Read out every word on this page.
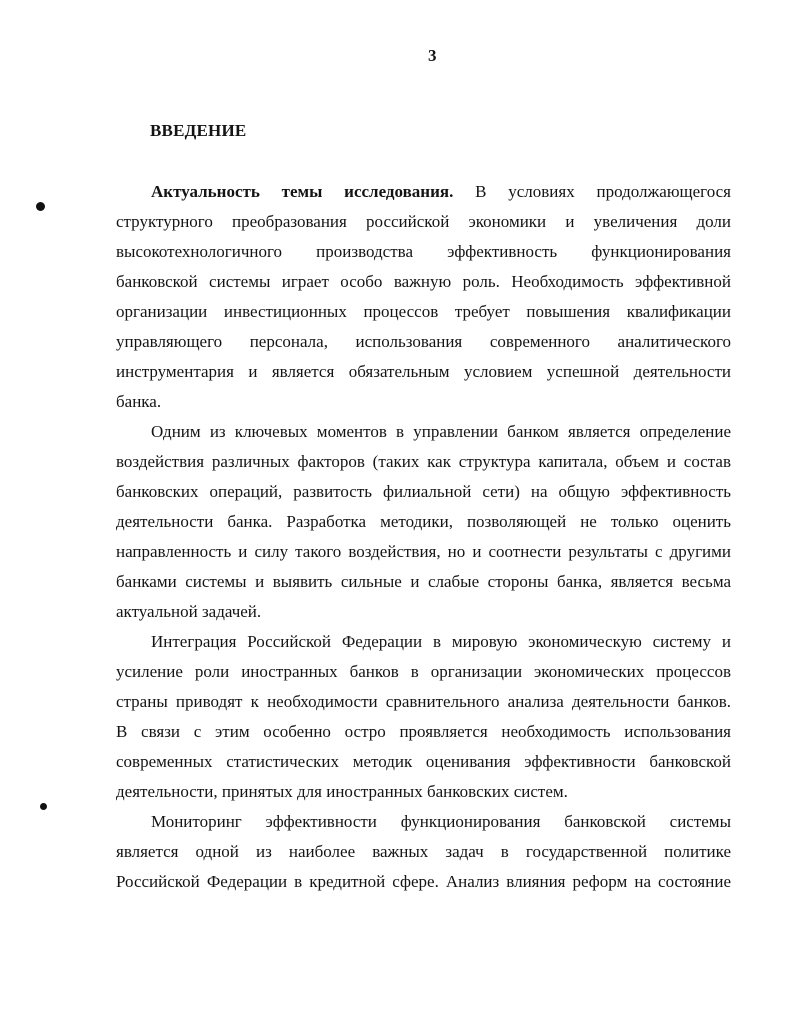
3
ВВЕДЕНИЕ
Актуальность темы исследования. В условиях продолжающегося
структурного преобразования российской экономики и увеличения доли
высокотехнологичного производства эффективность функционирования
банковской системы играет особо важную роль. Необходимость эффективной
организации инвестиционных процессов требует повышения квалификации
управляющего персонала, использования современного аналитического
инструментария и является обязательным условием успешной деятельности
банка.
Одним из ключевых моментов в управлении банком является определение
воздействия различных факторов (таких как структура капитала, объем и состав
банковских операций, развитость филиальной сети) на общую эффективность
деятельности банка. Разработка методики, позволяющей не только оценить
направленность и силу такого воздействия, но и соотнести результаты с другими
банками системы и выявить сильные и слабые стороны банка, является весьма
актуальной задачей.
Интеграция Российской Федерации в мировую экономическую систему и
усиление роли иностранных банков в организации экономических процессов
страны приводят к необходимости сравнительного анализа деятельности банков.
В связи с этим особенно остро проявляется необходимость использования
современных статистических методик оценивания эффективности банковской
деятельности, принятых для иностранных банковских систем.
Мониторинг эффективности функционирования банковской системы
является одной из наиболее важных задач в государственной политике
Российской Федерации в кредитной сфере. Анализ влияния реформ на состояние
